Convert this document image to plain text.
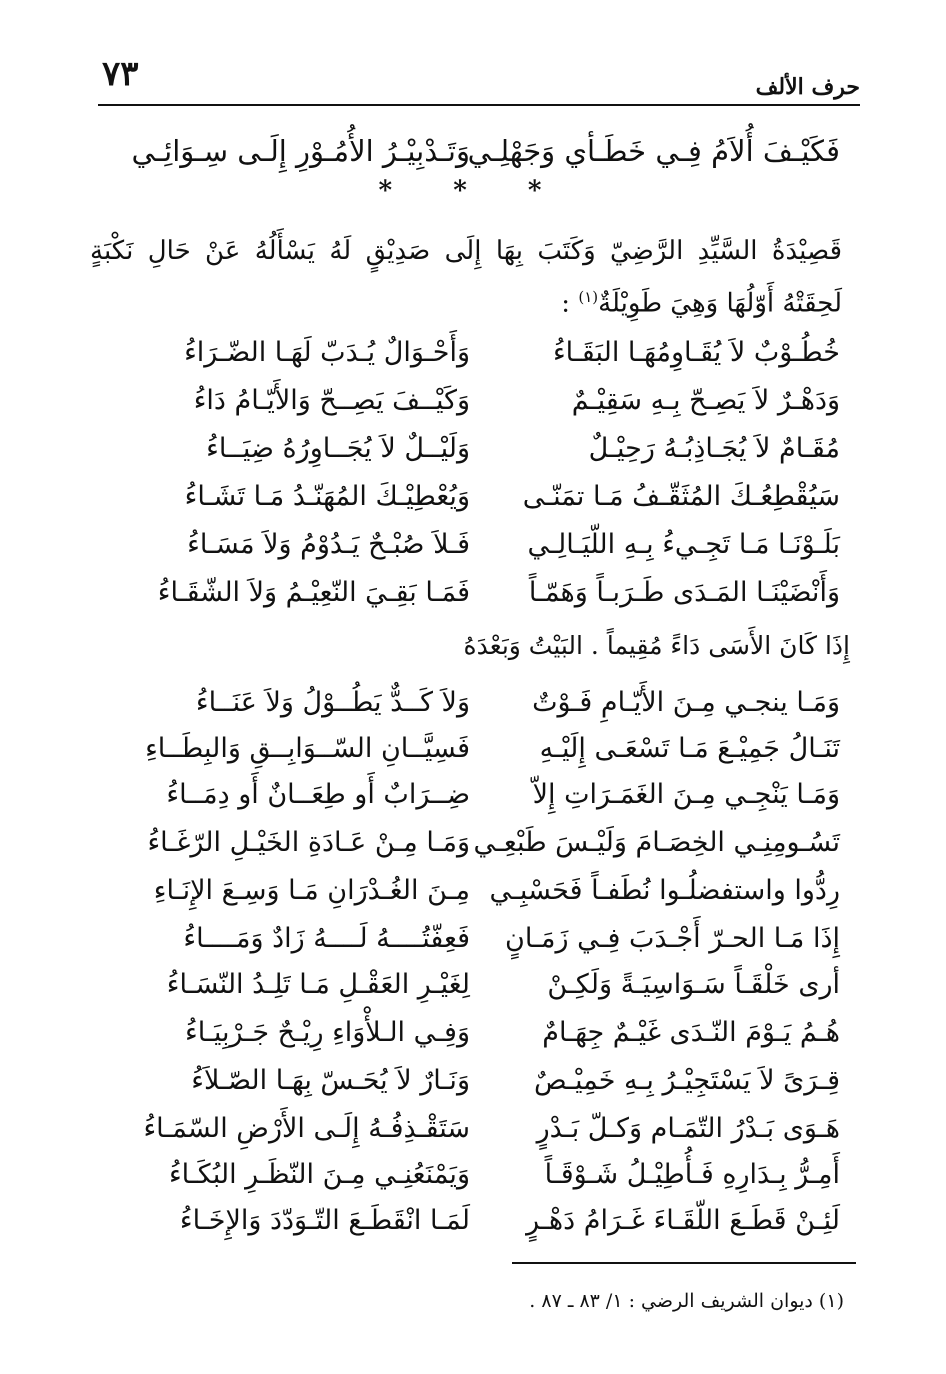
حرف الألف
٧٣
فَكَيْـفَ أُلاَمُ فِـي خَطَـأي وَجَهْلِـي
وَتَـدْبِيْـرُ الأُمُـوْرِ إِلَـى سِـوَائِـي
* * *
قَصِيْدَةُ السَّيِّدِ الرَّضِيّ وَكَتَبَ بِهَا إِلَى صَدِيْقٍ لَهُ يَسْأَلُهُ عَنْ حَالِ نَكْبَةٍ لَحِقَتْهُ أَوّلُهَا وَهِيَ طَوِيْلَةٌ$^{(١)}$ :
خُطُـوْبٌ لاَ يُقَـاوِمُهَـا البَقَـاءُ
وَأَحْـوَالٌ يُـدَبّ لَهَـا الضّـرَاءُ
وَدَهْـرٌ لاَ يَصِـحّ بِـهِ سَقِيْـمٌ
وَكَيْــفَ يَصِــحّ وَالأَيّـامُ دَاءُ
مُقَـامٌ لاَ يُجَـاذِبُـهُ رَحِيْـلٌ
وَلَيْــلٌ لاَ يُجَــاوِرُهُ ضِيَــاءُ
سَيُقْطِعُـكَ المُثَقّـفُ مَـا تمَنّـى
وَيُعْطِيْـكَ المُهَنّـدُ مَـا تَشَـاءُ
بَلَـوْنَـا مَـا تَجِـيءُ بِـهِ اللّيَـالِـي
فَـلاَ صُبْـحٌ يَـدُوْمُ وَلاَ مَسَـاءُ
وَأَنْضَيْنَـا المَـدَى طَـرَبـاً وَهَمّـاً
فَمَـا بَقِـيَ النّعِيْـمُ وَلاَ الشّقَـاءُ
إِذَا كَانَ الأَسَى دَاءً مُقِيماً . البَيْتُ وَبَعْدَهُ
وَمَـا ينجـي مِـنَ الأَيّـامِ فَـوْتٌ
وَلاَ كَــدٌّ يَطُــوْلُ وَلاَ عَنَــاءُ
تَنَـالُ جَمِيْـعَ مَـا تَسْعَـى إِلَيْـهِ
فَسِيَّــانِ السّــوَابِــقِ وَالبِطَــاءِ
وَمَـا يَنْجِـي مِـنَ الغَمَـرَاتِ إِلاّ
ضِــرَابٌ أَو طِعَــانٌ أَو دِمَــاءُ
تَسُـومِنِـي الخِصَـامَ وَلَيْـسَ طَبْعِـي
وَمَـا مِـنْ عَـادَةِ الخَيْـلِ الرّغَـاءُ
رِدُّوا واستفضلُـوا نُطَفـاً فَحَسْبِـي
مِـنَ الغُـدْرَانِ مَـا وَسِـعَ الإِنَـاءِ
إِذَا مَـا الحـرّ أَجْـدَبَ فِـي زَمَـانٍ
فَعِفّتُــــهُ لَــــهُ زَادٌ وَمَــــاءُ
أرى خَلْقَـاً سَـوَاسِيَـةً وَلَكِـنْ
لِغَيْـرِ العَقْـلِ مَـا تَلِـدُ النّسَـاءُ
هُـمُ يَـوْمَ النّـدَى غَيْـمٌ جِهَـامٌ
وَفِـي الـلأْوَاءِ رِيْـحٌ جَـرْبِيَـاءُ
قِـرَىً لاَ يَسْتَجِيْـرُ بِـهِ خَمِيْـصٌ
وَنَـارٌ لاَ يُحَـسّ بِهَـا الصّـلاَءُ
هَـوَى بَـدْرُ التّمَـام وَكـلّ بَـدْرٍ
سَتَقْـذِفُـهُ إِلَـى الأَرْضِ السّمَـاءُ
أَمِـرُّ بِـدَارِهِ فَـأُطِيْـلُ شَـوْقَـاً
وَيَمْنَعُنِـي مِـنَ النّظَـرِ البُكَـاءُ
لَئِـنْ قَطَـعَ اللّقَـاءَ غَـرَامُ دَهْـرٍ
لَمَـا انْقَطَـعَ التّـوَدّدَ وَالإِخَـاءُ
(١) ديوان الشريف الرضي : ١/ ٨٣ ـ ٨٧ .
